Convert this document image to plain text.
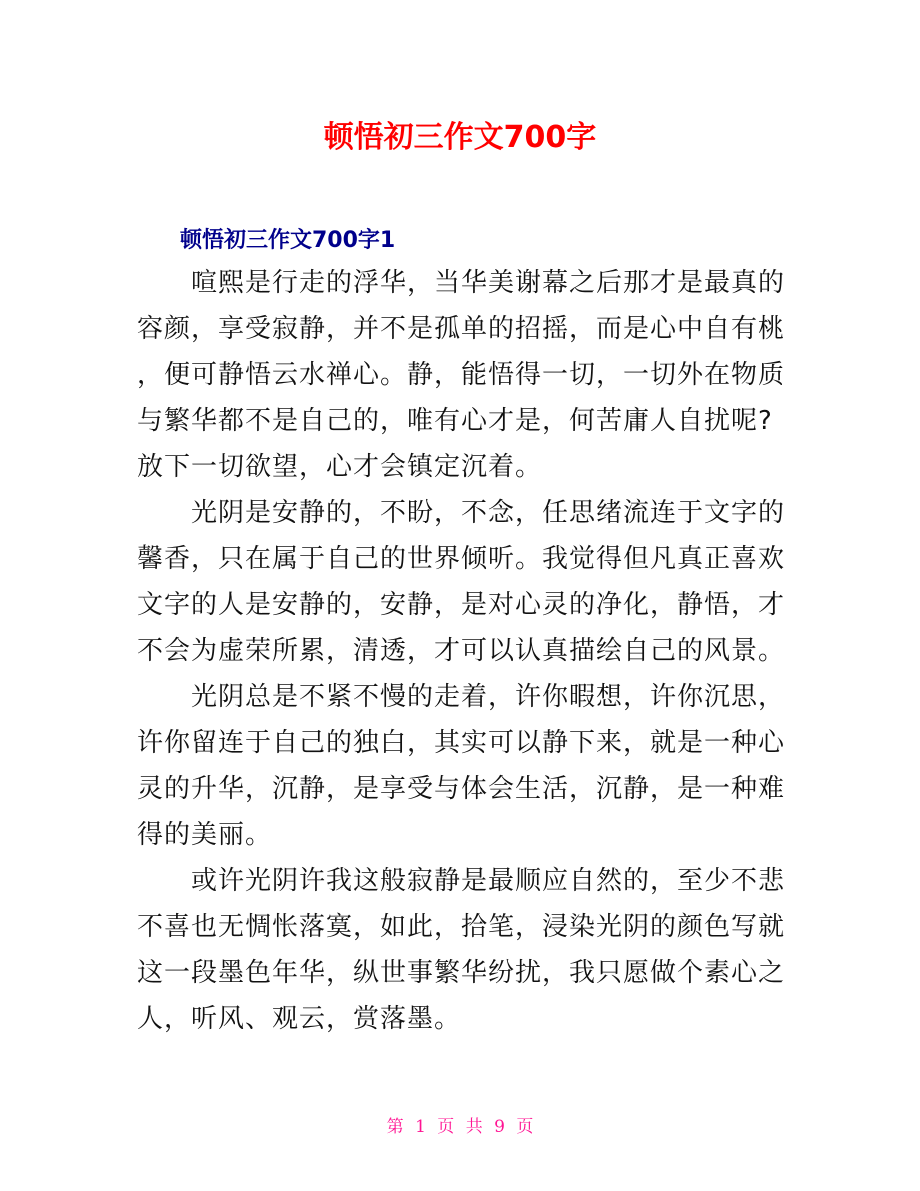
顿悟初三作文700字
顿悟初三作文700字1

喧熙是行走的浮华，当华美谢幕之后那才是最真的容颜，享受寂静，并不是孤单的招摇，而是心中自有桃，便可静悟云水禅心。静，能悟得一切，一切外在物质与繁华都不是自己的，唯有心才是，何苦庸人自扰呢?放下一切欲望，心才会镇定沉着。

光阴是安静的，不盼，不念，任思绪流连于文字的馨香，只在属于自己的世界倾听。我觉得但凡真正喜欢文字的人是安静的，安静，是对心灵的净化，静悟，才不会为虚荣所累，清透，才可以认真描绘自己的风景。

光阴总是不紧不慢的走着，许你暇想，许你沉思，许你留连于自己的独白，其实可以静下来，就是一种心灵的升华，沉静，是享受与体会生活，沉静，是一种难得的美丽。

或许光阴许我这般寂静是最顺应自然的，至少不悲不喜也无惆怅落寞，如此，拾笔，浸染光阴的颜色写就这一段墨色年华，纵世事繁华纷扰，我只愿做个素心之人，听风、观云，赏落墨。

第 1 页 共 9 页
